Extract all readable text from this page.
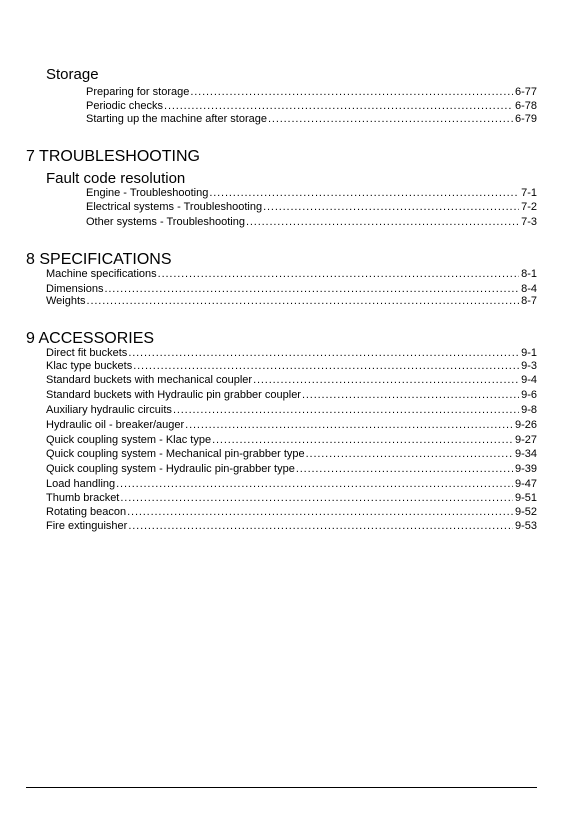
Storage
Preparing for storage . . .	6-77
Periodic checks . . .	6-78
Starting up the machine after storage . . .	6-79
7 TROUBLESHOOTING
Fault code resolution
Engine - Troubleshooting . . .	7-1
Electrical systems - Troubleshooting . . .	7-2
Other systems - Troubleshooting . . .	7-3
8 SPECIFICATIONS
Machine specifications . . .	8-1
Dimensions . . .	8-4
Weights . . .	8-7
9 ACCESSORIES
Direct fit buckets . . .	9-1
Klac type buckets . . .	9-3
Standard buckets with mechanical coupler . . .	9-4
Standard buckets with Hydraulic pin grabber coupler . . .	9-6
Auxiliary hydraulic circuits . . .	9-8
Hydraulic oil - breaker/auger . . .	9-26
Quick coupling system - Klac type . . .	9-27
Quick coupling system - Mechanical pin-grabber type . . .	9-34
Quick coupling system - Hydraulic pin-grabber type . . .	9-39
Load handling . . .	9-47
Thumb bracket . . .	9-51
Rotating beacon . . .	9-52
Fire extinguisher . . .	9-53
